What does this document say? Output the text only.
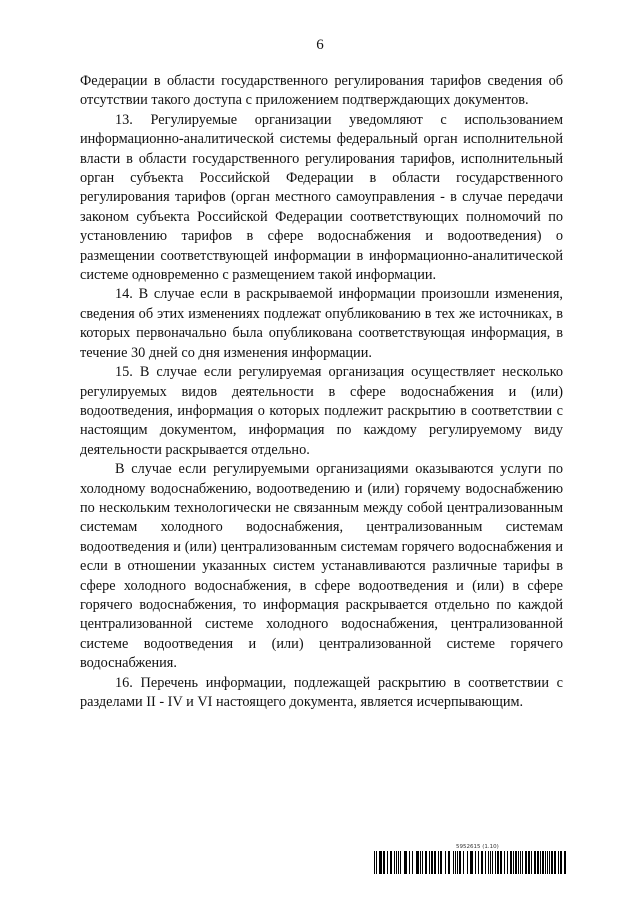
6

Федерации в области государственного регулирования тарифов сведения об отсутствии такого доступа с приложением подтверждающих документов.

13. Регулируемые организации уведомляют с использованием информационно-аналитической системы федеральный орган исполнительной власти в области государственного регулирования тарифов, исполнительный орган субъекта Российской Федерации в области государственного регулирования тарифов (орган местного самоуправления - в случае передачи законом субъекта Российской Федерации соответствующих полномочий по установлению тарифов в сфере водоснабжения и водоотведения) о размещении соответствующей информации в информационно-аналитической системе одновременно с размещением такой информации.

14. В случае если в раскрываемой информации произошли изменения, сведения об этих изменениях подлежат опубликованию в тех же источниках, в которых первоначально была опубликована соответствующая информация, в течение 30 дней со дня изменения информации.

15. В случае если регулируемая организация осуществляет несколько регулируемых видов деятельности в сфере водоснабжения и (или) водоотведения, информация о которых подлежит раскрытию в соответствии с настоящим документом, информация по каждому регулируемому виду деятельности раскрывается отдельно.

В случае если регулируемыми организациями оказываются услуги по холодному водоснабжению, водоотведению и (или) горячему водоснабжению по нескольким технологически не связанным между собой централизованным системам холодного водоснабжения, централизованным системам водоотведения и (или) централизованным системам горячего водоснабжения и если в отношении указанных систем устанавливаются различные тарифы в сфере холодного водоснабжения, в сфере водоотведения и (или) в сфере горячего водоснабжения, то информация раскрывается отдельно по каждой централизованной системе холодного водоснабжения, централизованной системе водоотведения и (или) централизованной системе горячего водоснабжения.

16. Перечень информации, подлежащей раскрытию в соответствии с разделами II - IV и VI настоящего документа, является исчерпывающим.

5952615 (1.10)
